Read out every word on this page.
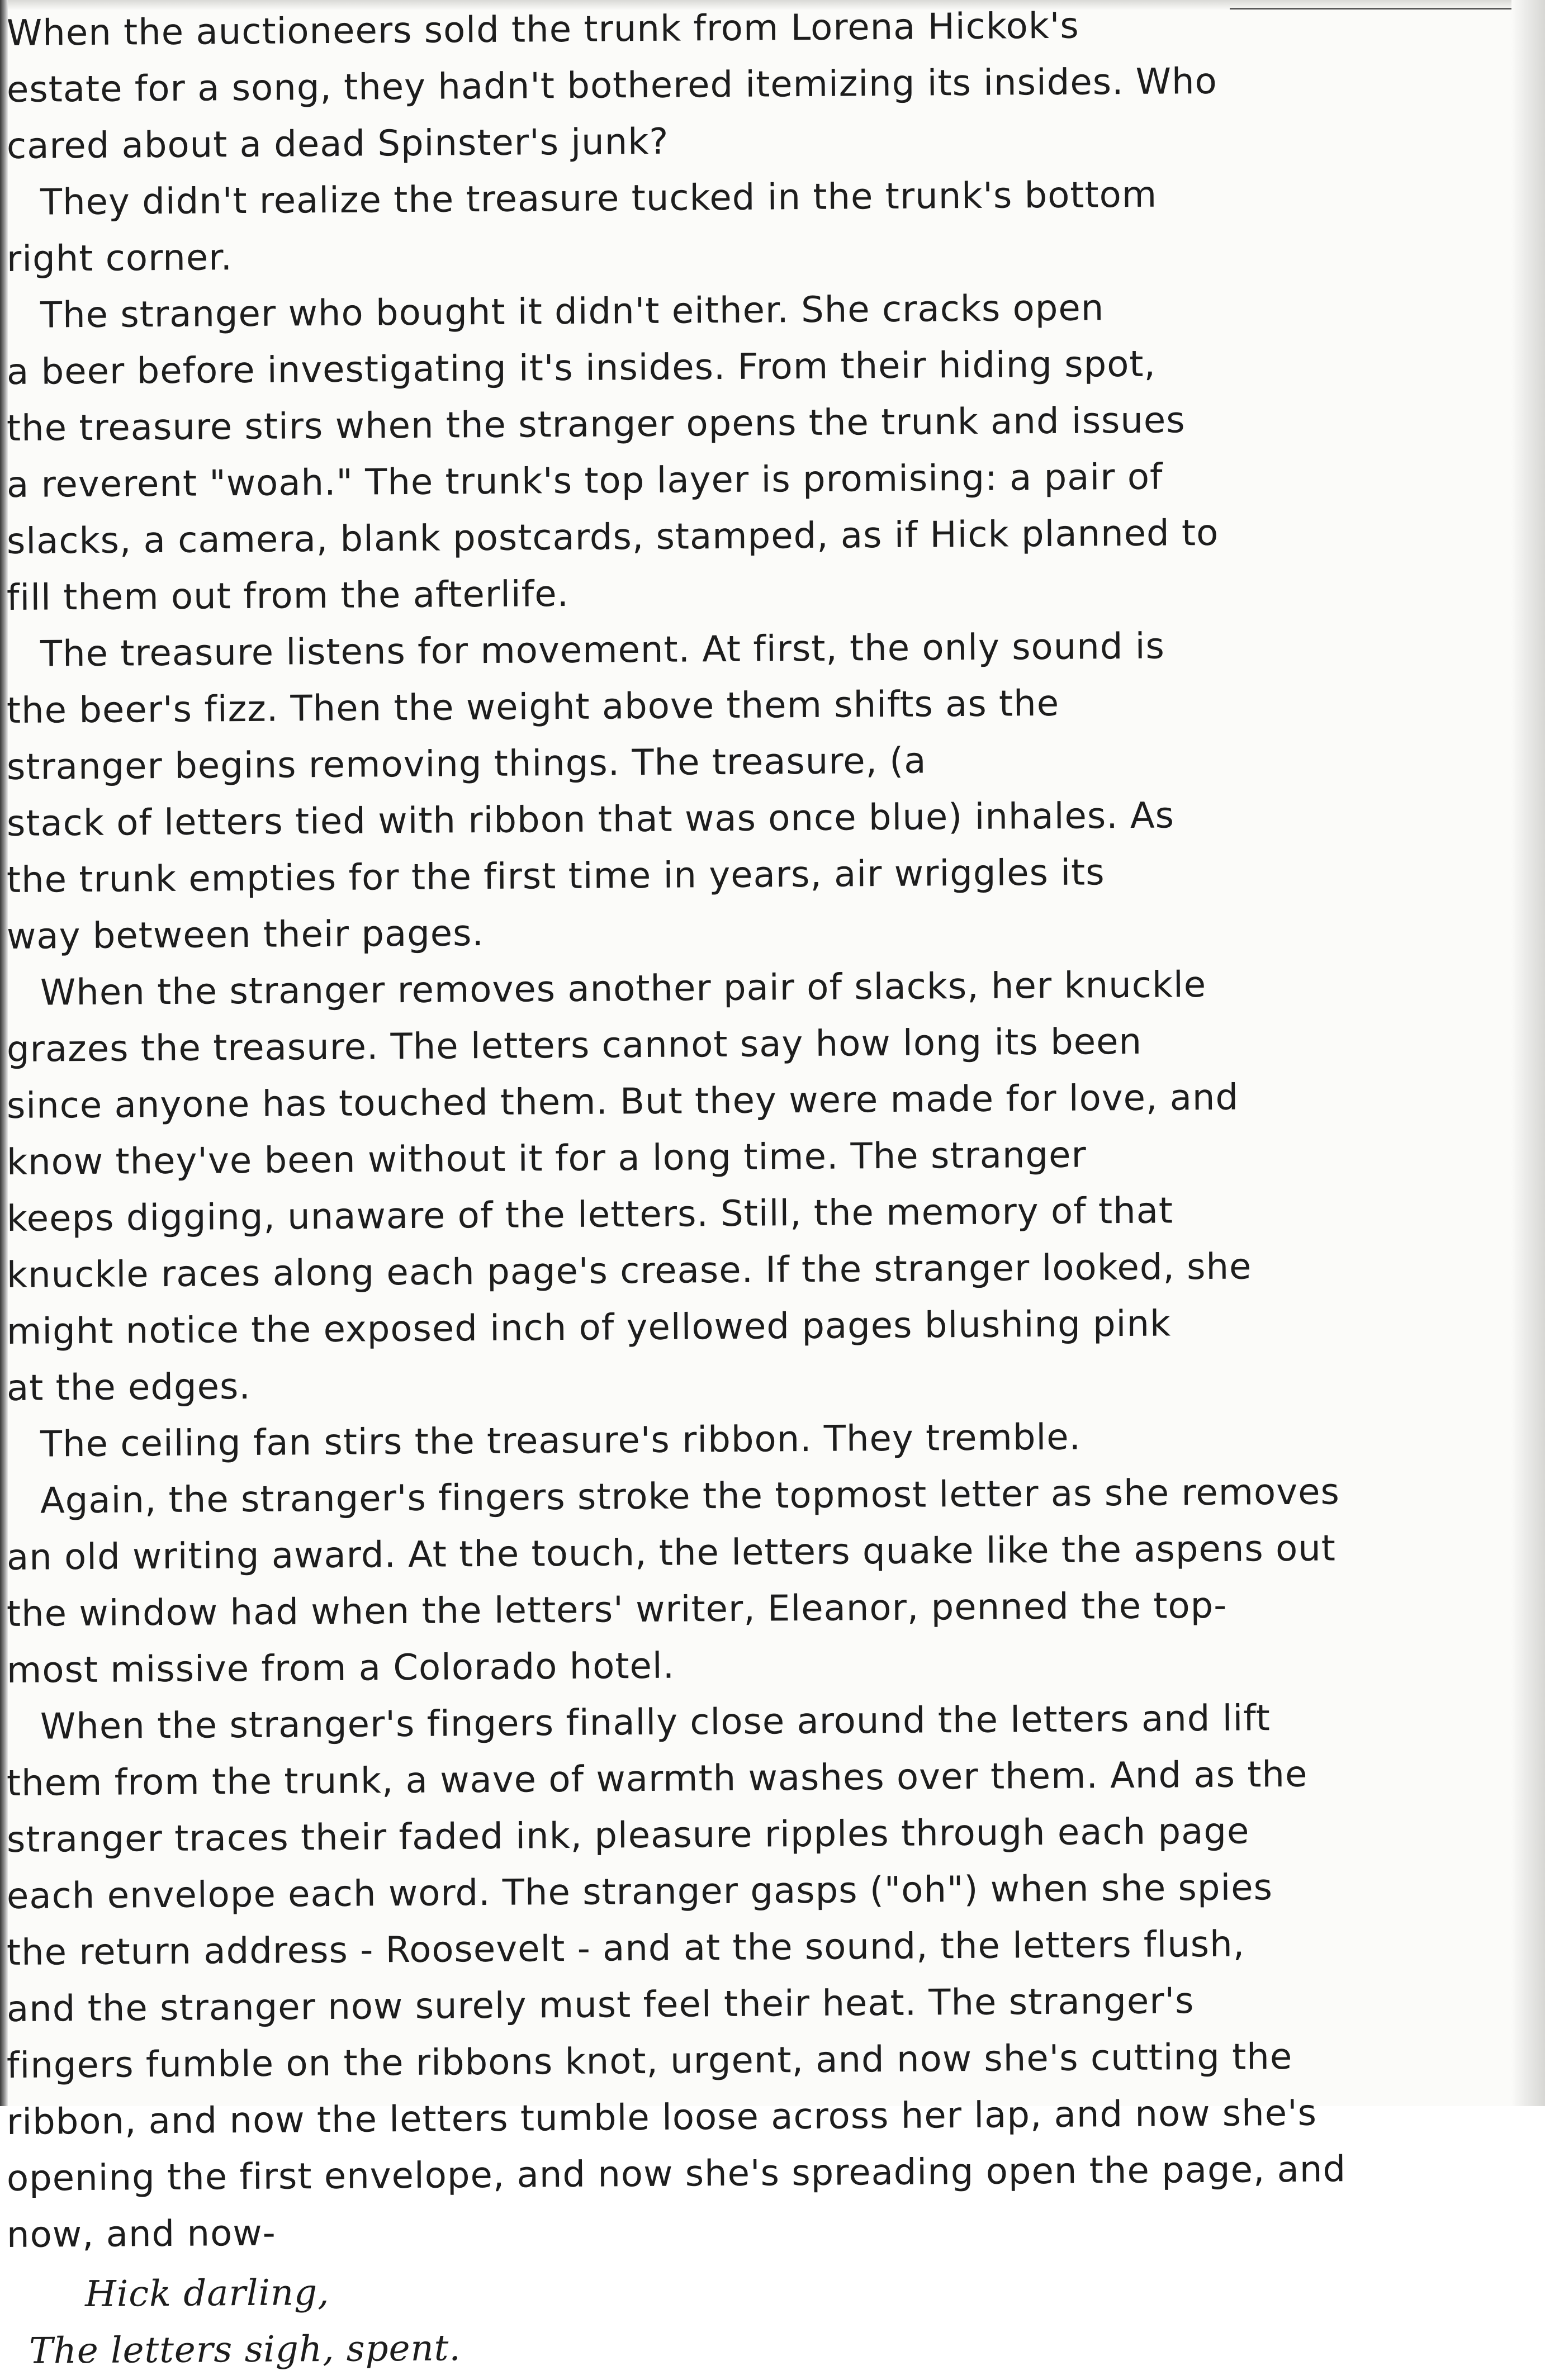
When the auctioneers sold the trunk from Lorena Hickok's
estate for a song, they hadn't bothered itemizing its insides. Who
cared about a dead Spinster's junk?
They didn't realize the treasure tucked in the trunk's bottom
right corner.
The stranger who bought it didn't either. She cracks open
a beer before investigating it's insides. From their hiding spot,
the treasure stirs when the stranger opens the trunk and issues
a reverent "woah." The trunk's top layer is promising: a pair of
slacks, a camera, blank postcards, stamped, as if Hick planned to
fill them out from the afterlife.
The treasure listens for movement. At first, the only sound is
the beer's fizz. Then the weight above them shifts as the
stranger begins removing things. The treasure, (a
stack of letters tied with ribbon that was once blue) inhales. As
the trunk empties for the first time in years, air wriggles its
way between their pages.
When the stranger removes another pair of slacks, her knuckle
grazes the treasure. The letters cannot say how long its been
since anyone has touched them. But they were made for love, and
know they've been without it for a long time. The stranger
keeps digging, unaware of the letters. Still, the memory of that
knuckle races along each page's crease. If the stranger looked, she
might notice the exposed inch of yellowed pages blushing pink
at the edges.
The ceiling fan stirs the treasure's ribbon. They tremble.
Again, the stranger's fingers stroke the topmost letter as she removes
an old writing award. At the touch, the letters quake like the aspens out
the window had when the letters' writer, Eleanor, penned the top-
most missive from a Colorado hotel.
When the stranger's fingers finally close around the letters and lift
them from the trunk, a wave of warmth washes over them. And as the
stranger traces their faded ink, pleasure ripples through each page
each envelope each word. The stranger gasps ("oh") when she spies
the return address - Roosevelt - and at the sound, the letters flush,
and the stranger now surely must feel their heat. The stranger's
fingers fumble on the ribbons knot, urgent, and now she's cutting the
ribbon, and now the letters tumble loose across her lap, and now she's
opening the first envelope, and now she's spreading open the page, and
now, and now-
Hick darling,
The letters sigh, spent.
